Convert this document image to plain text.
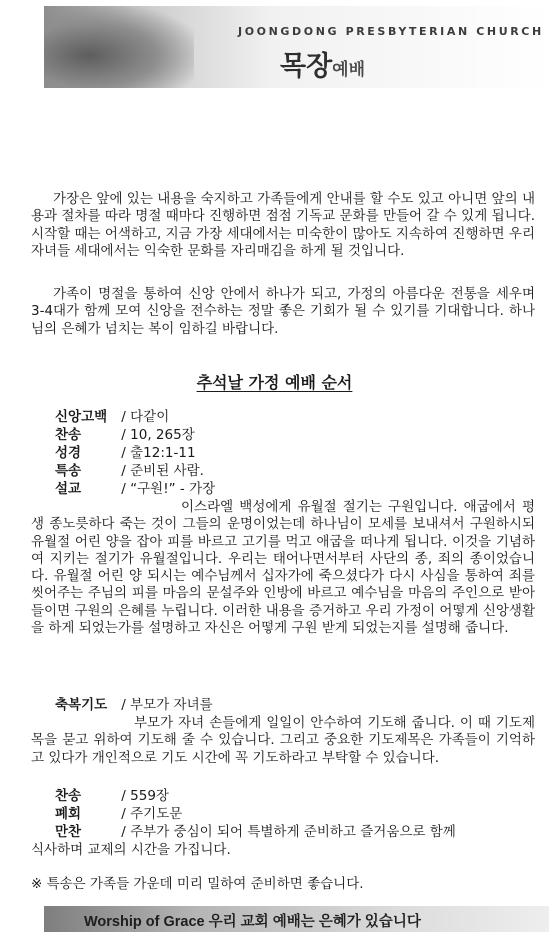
JOONGDONG PRESBYTERIAN CHURCH
목장예배

가장은 앞에 있는 내용을 숙지하고 가족들에게 안내를 할 수도 있고 아니면 앞의 내용과 절차를 따라 명절 때마다 진행하면 점점 기독교 문화를 만들어 갈 수 있게 됩니다. 시작할 때는 어색하고, 지금 가장 세대에서는 미숙한이 많아도 지속하여 진행하면 우리 자녀들 세대에서는 익숙한 문화를 자리매김을 하게 될 것입니다.

가족이 명절을 통하여 신앙 안에서 하나가 되고, 가정의 아름다운 전통을 세우며 3-4대가 함께 모여 신앙을 전수하는 정말 좋은 기회가 될 수 있기를 기대합니다. 하나님의 은혜가 넘치는 복이 임하길 바랍니다.

추석날 가정 예배 순서
신앙고백 / 다같이
찬송	/ 10, 265장
성경	/ 출12:1-11
특송	/ 준비된 사람.
설교	/ “구원!” - 가장

이스라엘 백성에게 유월절 절기는 구원입니다. 애굽에서 평생 종노릇하다 죽는 것이 그들의 운명이었는데 하나님이 모세를 보내셔서 구원하시되 유월절 어린 양을 잡아 피를 바르고 고기를 먹고 애굽을 떠나게 됩니다. 이것을 기념하여 지키는 절기가 유월절입니다. 우리는 태어나면서부터 사단의 종, 죄의 종이었습니다. 유월절 어린 양 되시는 예수님께서 십자가에 죽으셨다가 다시 사심을 통하여 죄를 씻어주는 주님의 피를 마음의 문설주와 인방에 바르고 예수님을 마음의 주인으로 받아들이면 구원의 은혜를 누립니다. 이러한 내용을 증거하고 우리 가정이 어떻게 신앙생활을 하게 되었는가를 설명하고 자신은 어떻게 구원 받게 되었는지를 설명해 줍니다.

축복기도 / 부모가 자녀를

부모가 자녀 손들에게 일일이 안수하여 기도해 줍니다. 이 때 기도제목을 묻고 위하여 기도해 줄 수 있습니다. 그리고 중요한 기도제목은 가족들이 기억하고 있다가 개인적으로 기도 시간에 꼭 기도하라고 부탁할 수 있습니다.

찬송	/ 559장
폐회	/ 주기도문
만찬	/ 주부가 중심이 되어 특별하게 준비하고 즐거움으로 함께
식사하며 교제의 시간을 가집니다.
※ 특송은 가족들 가운데 미리 밀하여 준비하면 좋습니다.
Worship of Grace 우리 교회 예배는 은혜가 있습니다
